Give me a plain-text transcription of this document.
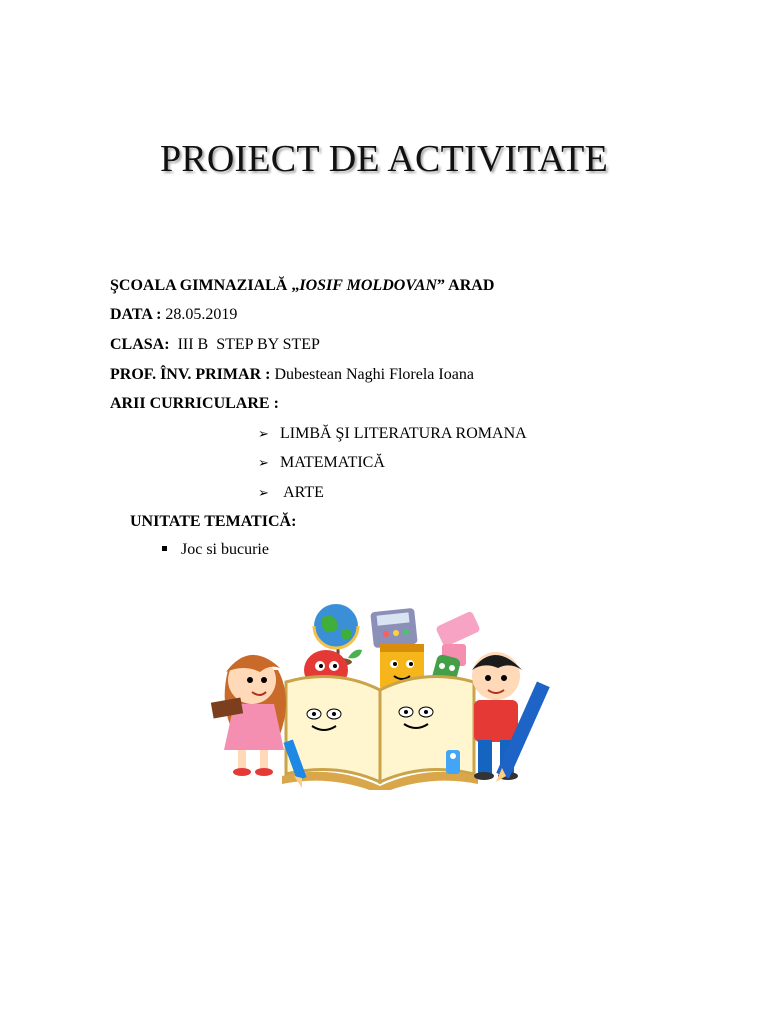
PROIECT DE ACTIVITATE
ŞCOALA GIMNAZIALĂ „IOSIF MOLDOVAN” ARAD
DATA : 28.05.2019
CLASA:  III B  STEP BY STEP
PROF. ÎNV. PRIMAR : Dubestean Naghi Florela Ioana
ARII CURRICULARE :
➢ LIMBĂ ŞI LITERATURA ROMANA
➢ MATEMATICĂ
➢ ARTE
UNITATE TEMATICĂ:
Joc si bucurie
